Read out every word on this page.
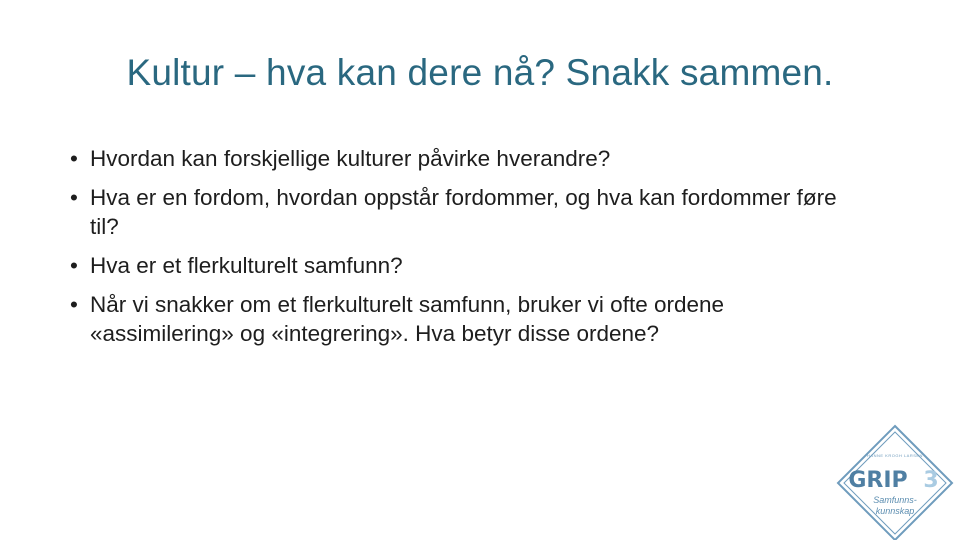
Kultur – hva kan dere nå? Snakk sammen.
• Hvordan kan forskjellige kulturer påvirke hverandre?
• Hva er en fordom, hvordan oppstår fordommer, og hva kan fordommer føre til?
• Hva er et flerkulturelt samfunn?
• Når vi snakker om et flerkulturelt samfunn, bruker vi ofte ordene «assimilering» og «integrering». Hva betyr disse ordene?
HANNE KROGH LARSEN
GRIP 3
Samfunns-
kunnskap
